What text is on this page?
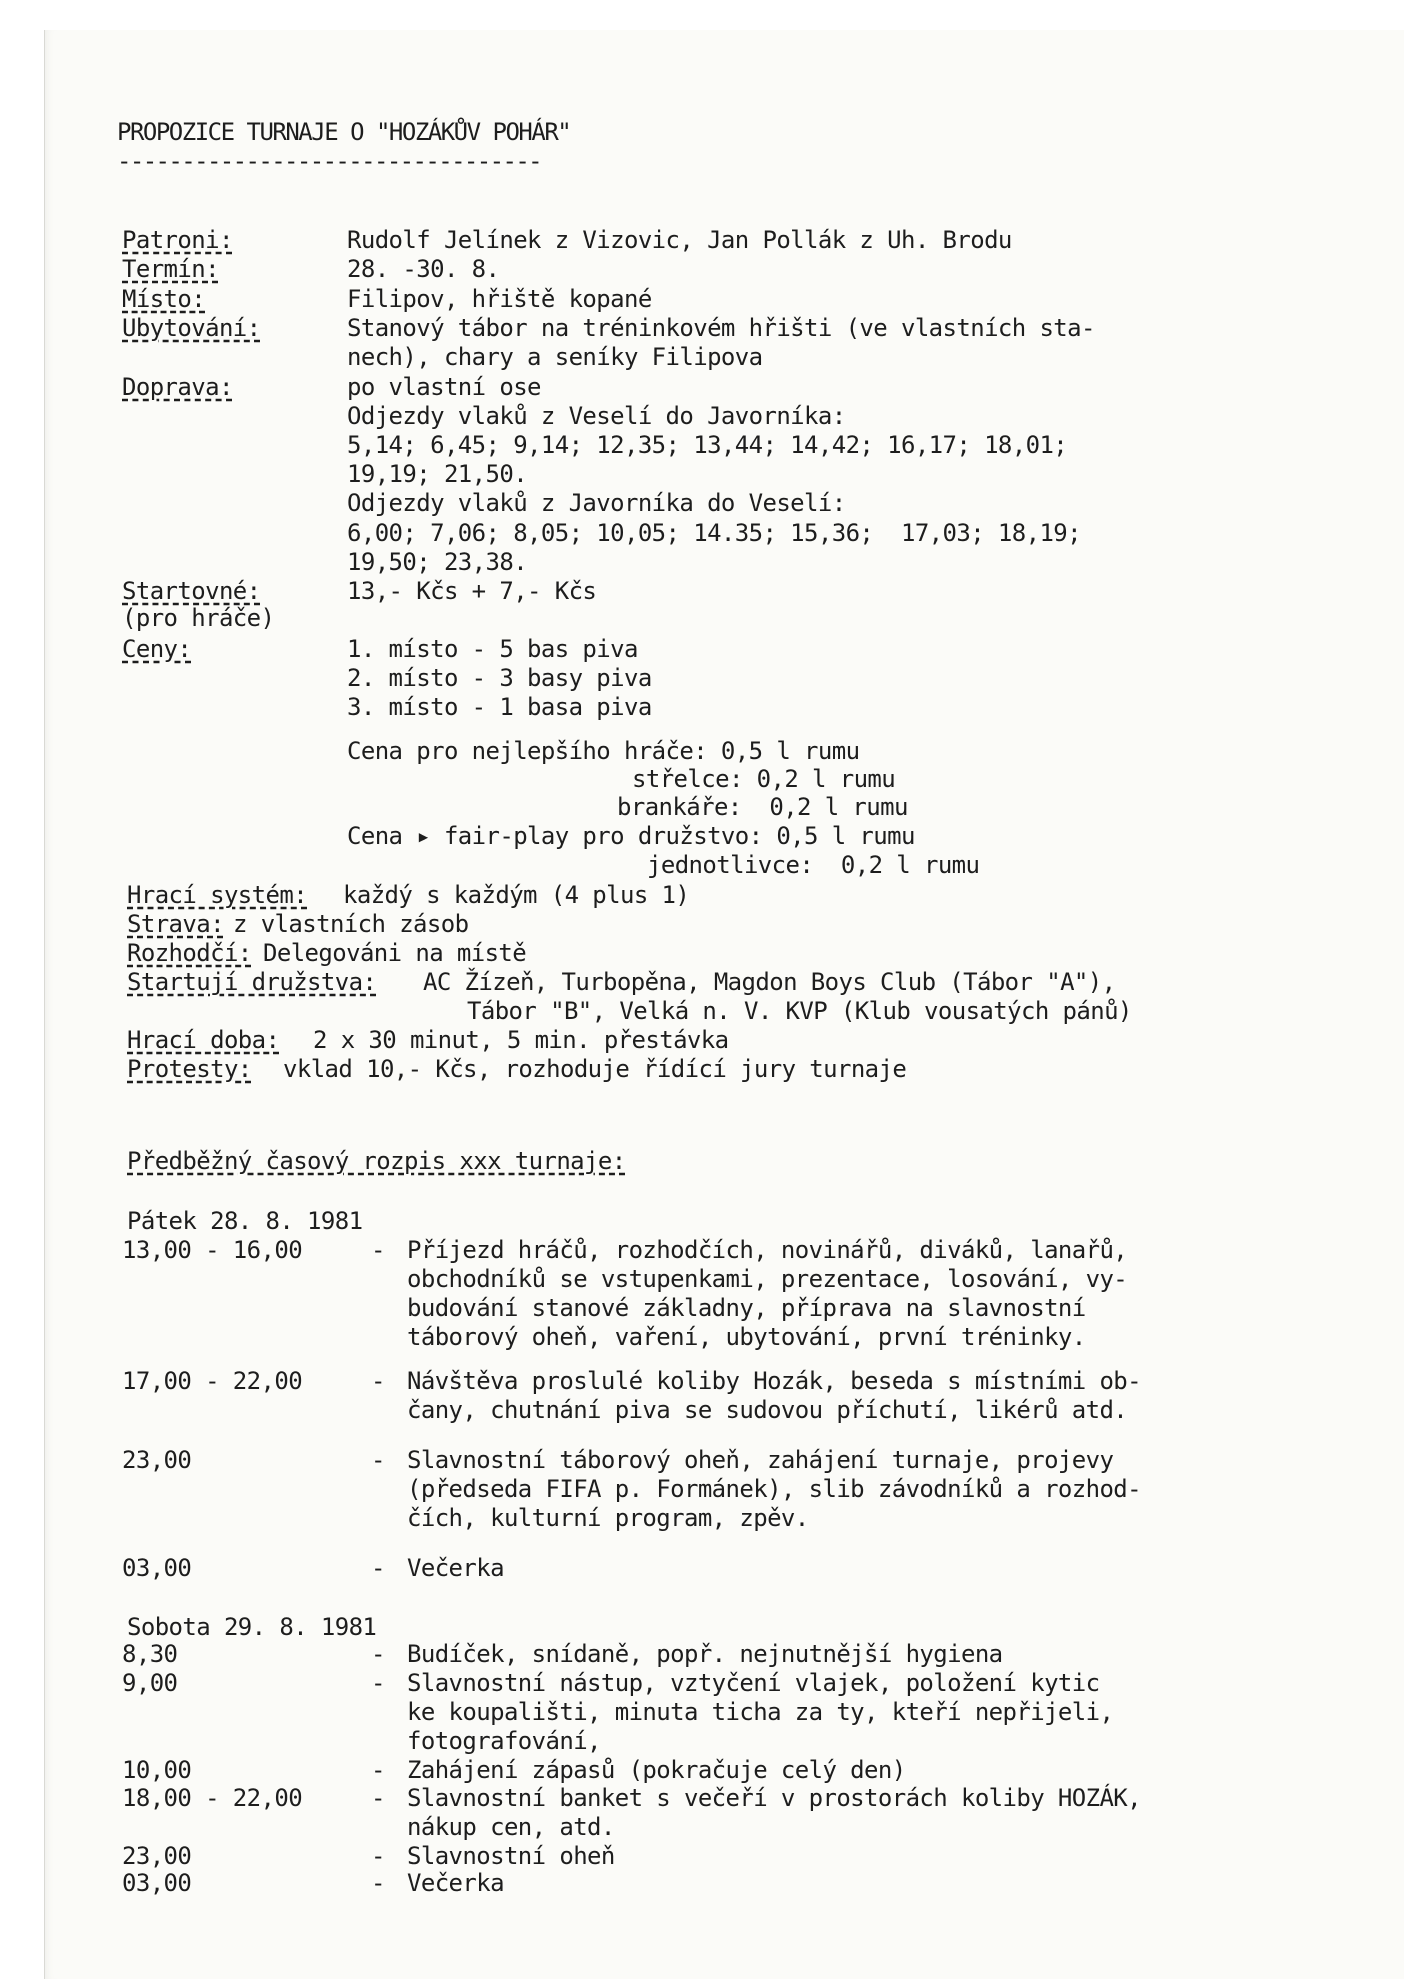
PROPOZICE TURNAJE O "HOZÁKŮV POHÁR"
---------------------------------
Patroni:	Rudolf Jelínek z Vizovic, Jan Pollák z Uh. Brodu
Termín:	28. -30. 8.
Místo:	Filipov, hřiště kopané
Ubytování:	Stanový tábor na tréninkovém hřišti (ve vlastních sta-
nech), chary a seníky Filipova
Doprava:	po vlastní ose
Odjezdy vlaků z Veselí do Javorníka:
5,14; 6,45; 9,14; 12,35; 13,44; 14,42; 16,17; 18,01;
19,19; 21,50.
Odjezdy vlaků z Javorníka do Veselí:
6,00; 7,06; 8,05; 10,05; 14.35; 15,36;  17,03; 18,19;
19,50; 23,38.
Startovné:	13,- Kčs + 7,- Kčs
(pro hráče)
Ceny:	1. místo - 5 bas piva
2. místo - 3 basy piva
3. místo - 1 basa piva
Cena pro nejlepšího hráče: 0,5 l rumu
střelce: 0,2 l rumu
brankáře:  0,2 l rumu
Cena ▸ fair-play pro družstvo: 0,5 l rumu
jednotlivce:  0,2 l rumu
Hrací systém: každý s každým (4 plus 1)
Strava: z vlastních zásob
Rozhodčí: Delegováni na místě
Startují družstva: AC Žízeň, Turbopěna, Magdon Boys Club (Tábor "A"),
Tábor "B", Velká n. V. KVP (Klub vousatých pánů)
Hrací doba: 2 x 30 minut, 5 min. přestávka
Protesty: vklad 10,- Kčs, rozhoduje řídící jury turnaje
Předběžný časový rozpis xxx turnaje:
Pátek 28. 8. 1981
13,00 - 16,00	- Příjezd hráčů, rozhodčích, novinářů, diváků, lanařů,
obchodníků se vstupenkami, prezentace, losování, vy-
budování stanové základny, příprava na slavnostní
táborový oheň, vaření, ubytování, první tréninky.
17,00 - 22,00	- Návštěva proslulé koliby Hozák, beseda s místními ob-
čany, chutnání piva se sudovou příchutí, likérů atd.
23,00	- Slavnostní táborový oheň, zahájení turnaje, projevy
(předseda FIFA p. Formánek), slib závodníků a rozhod-
čích, kulturní program, zpěv.
03,00	- Večerka
Sobota 29. 8. 1981
8,30	- Budíček, snídaně, popř. nejnutnější hygiena
9,00	- Slavnostní nástup, vztyčení vlajek, položení kytic
ke koupališti, minuta ticha za ty, kteří nepřijeli,
fotografování,
10,00	- Zahájení zápasů (pokračuje celý den)
18,00 - 22,00	- Slavnostní banket s večeří v prostorách koliby HOZÁK,
nákup cen, atd.
23,00	- Slavnostní oheň
03,00	- Večerka
